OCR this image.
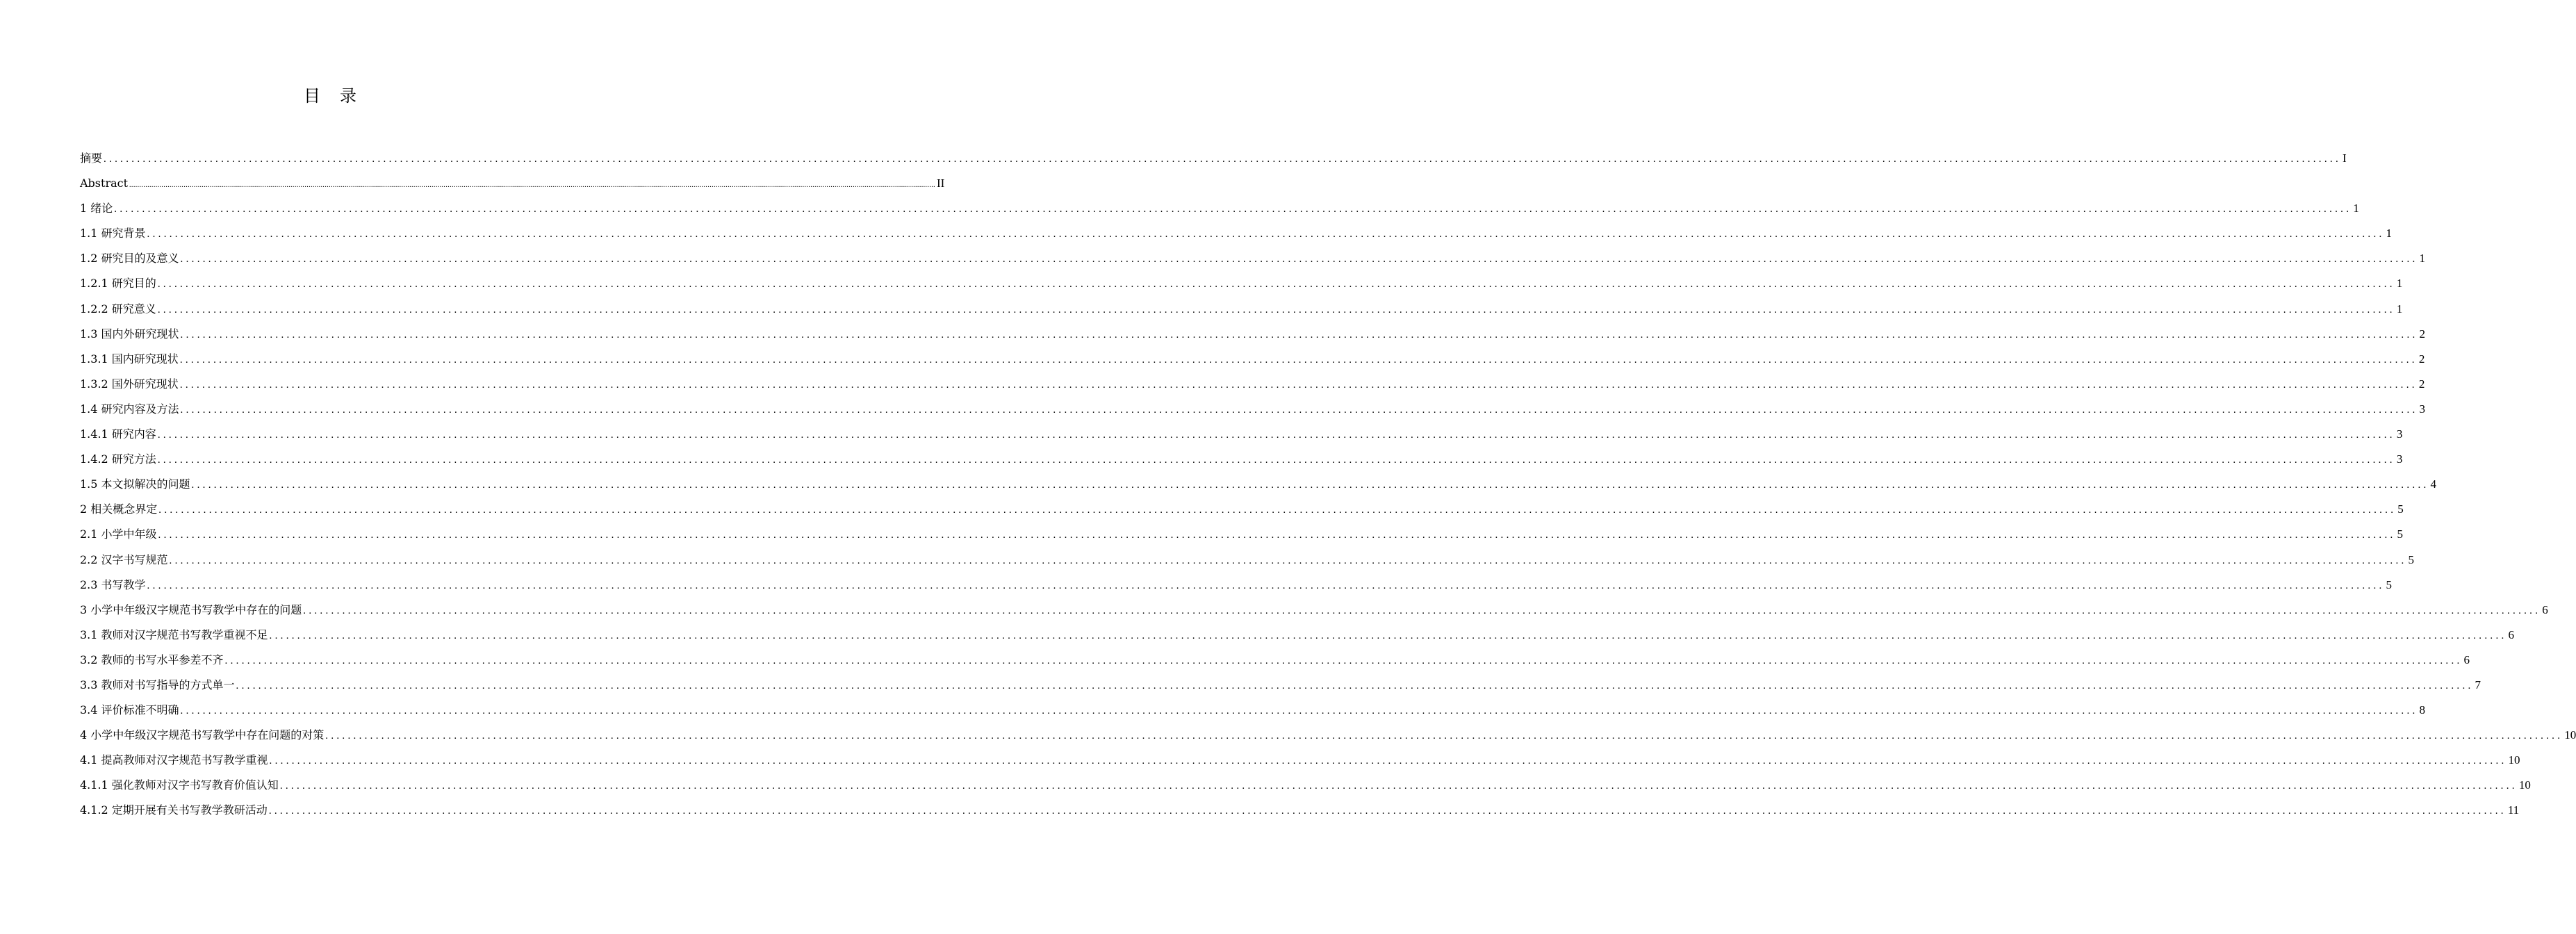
目录
摘要 ................................................................................................................................................................................................................................................................................................................................................................................................................ I
Abstract ................................................................................................................................................................................................................................................................................................................................................................................................................ II
1 绪论 ................................................................................................................................................................................................................................................................................................................................................................................................................ 1
1.1 研究背景 ................................................................................................................................................................................................................................................................................................................................................................................................................ 1
1.2 研究目的及意义 ................................................................................................................................................................................................................................................................................................................................................................................................................ 1
1.2.1 研究目的 ................................................................................................................................................................................................................................................................................................................................................................................................................ 1
1.2.2 研究意义 ................................................................................................................................................................................................................................................................................................................................................................................................................ 1
1.3 国内外研究现状 ................................................................................................................................................................................................................................................................................................................................................................................................................ 2
1.3.1 国内研究现状 ................................................................................................................................................................................................................................................................................................................................................................................................................ 2
1.3.2 国外研究现状 ................................................................................................................................................................................................................................................................................................................................................................................................................ 2
1.4 研究内容及方法 ................................................................................................................................................................................................................................................................................................................................................................................................................ 3
1.4.1 研究内容 ................................................................................................................................................................................................................................................................................................................................................................................................................ 3
1.4.2 研究方法 ................................................................................................................................................................................................................................................................................................................................................................................................................ 3
1.5 本文拟解决的问题 ................................................................................................................................................................................................................................................................................................................................................................................................................ 4
2 相关概念界定 ................................................................................................................................................................................................................................................................................................................................................................................................................ 5
2.1 小学中年级 ................................................................................................................................................................................................................................................................................................................................................................................................................ 5
2.2 汉字书写规范 ................................................................................................................................................................................................................................................................................................................................................................................................................ 5
2.3 书写教学 ................................................................................................................................................................................................................................................................................................................................................................................................................ 5
3 小学中年级汉字规范书写教学中存在的问题 ................................................................................................................................................................................................................................................................................................................................................................................................................ 6
3.1 教师对汉字规范书写教学重视不足 ................................................................................................................................................................................................................................................................................................................................................................................................................ 6
3.2 教师的书写水平参差不齐 ................................................................................................................................................................................................................................................................................................................................................................................................................ 6
3.3 教师对书写指导的方式单一 ................................................................................................................................................................................................................................................................................................................................................................................................................ 7
3.4 评价标准不明确 ................................................................................................................................................................................................................................................................................................................................................................................................................ 8
4 小学中年级汉字规范书写教学中存在问题的对策 ................................................................................................................................................................................................................................................................................................................................................................................................................ 10
4.1 提高教师对汉字规范书写教学重视 ................................................................................................................................................................................................................................................................................................................................................................................................................ 10
4.1.1 强化教师对汉字书写教育价值认知 ................................................................................................................................................................................................................................................................................................................................................................................................................ 10
4.1.2 定期开展有关书写教学教研活动 ................................................................................................................................................................................................................................................................................................................................................................................................................ 11
